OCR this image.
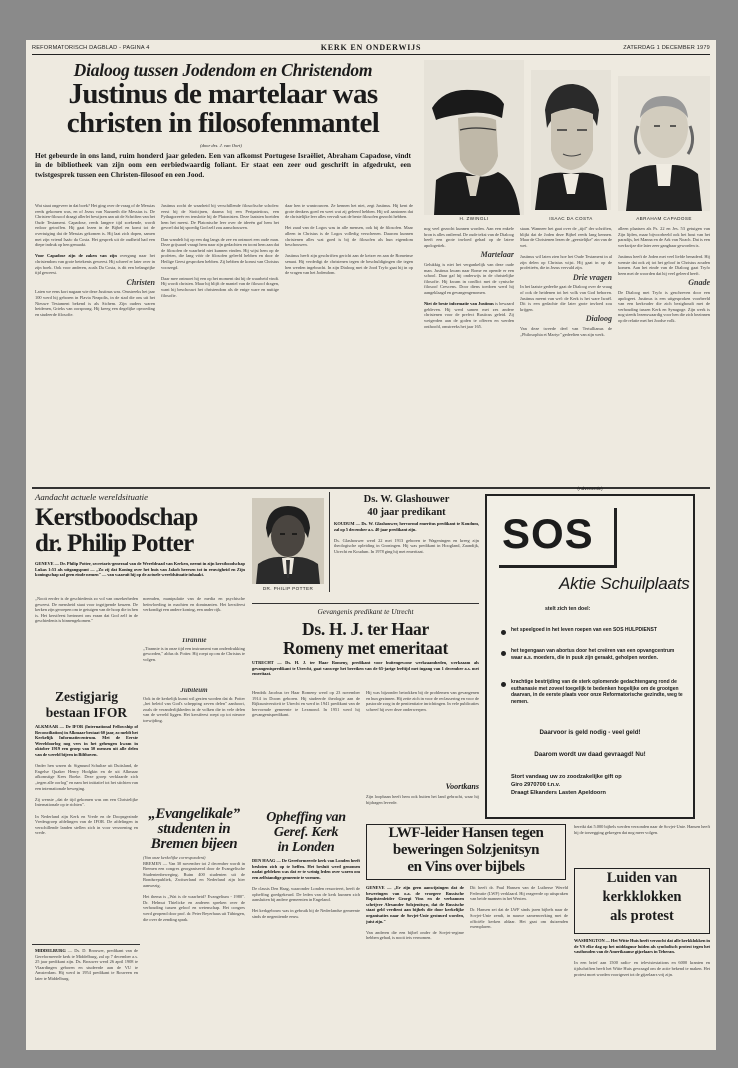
REFORMATORISCH DAGBLAD - PAGINA 4	KERK EN ONDERWIJS	ZATERDAG 1 DECEMBER 1979
Dialoog tussen Jodendom en Christendom
Justinus de martelaar was
christen in filosofenmantel
(door drs. J. van Oort)
Het gebeurde in ons land, ruim honderd jaar geleden. Een van afkomst Portugese Israëliet, Abraham Capadose, vindt in de bibliotheek van zijn oom een eerbiedwaardig foliant. Er staat een zeer oud geschrift in afgedrukt, een twistgesprek tussen een Christen-filosoof en een Jood.
Wat staat ongeveer in dat boek? Het ging over de vraag of de Messias reeds gekomen was, en of Jezus van Nazareth die Messias is. De Christen-filosoof draagt allerlei bewijzen aan uit de Schriften van het Oude Testament. Capadose, reeds langere tijd zoekende, wordt erdoor getroffen. Hij gaat lezen in de Bijbel en komt tot de overtuiging dat de Messias gekomen is. Hij laat zich dopen, samen met zijn vriend Isaäc da Costa. Het gesprek uit de oudheid had een diepe indruk op hen gemaakt.

Voor Capadose zijn de zaken van zijn overgang naar het christendom van grote betekenis geweest. Hij schreef er later over in zijn boek. Ook voor anderen, zoals Da Costa, is dit een belangrijke tijd geweest.
Christen
Laten we eens kort nagaan wie deze Justinus was. Omstreeks het jaar 100 werd hij geboren in Flavia Neapolis, in de stad die ons uit het Nieuwe Testament bekend is als Sichem. Zijn ouders waren heidenen, Grieks van oorsprong. Hij kreeg een degelijke opvoeding en studeerde filosofie.
Justinus zocht de waarheid bij verschillende filosofische scholen: eerst bij de Stoïcijnen, daarna bij een Peripateticus, een Pythagoreeër en tenslotte bij de Platonisten. Deze laatsten boeiden hem het meest. De Platonische leer over de ideeën gaf hem het gevoel dat hij spoedig God zelf zou aanschouwen.

Dan wandelt hij op een dag langs de zee en ontmoet een oude man. Deze grijsaard vraagt hem naar zijn gedachten en toont hem aan dat de filosofen de waarheid niet kunnen vinden. Hij wijst hem op de profeten, die lang vóór de filosofen geleefd hebben en door de Heilige Geest gesproken hebben. Zij hebben de komst van Christus voorzegd.

Daar mee ontmoet hij een op het moment dat hij de waarheid vindt. Hij wordt christen. Maar hij blijft de mantel van de filosoof dragen, want hij beschouwt het christendom als de enige ware en nuttige filosofie.
daar hen te wantrouwen. Ze kennen het niet, zegt Justinus. Hij kent de grote denkers goed en weet wat zij geleerd hebben. Hij wil aantonen dat de christelijke leer alles vervult wat de beste filosofen gezocht hebben.

Het zaad van de Logos was in alle mensen, ook bij de filosofen. Maar alleen in Christus is de Logos volledig verschenen. Daarom kunnen christenen alles wat goed is bij de filosofen als hun eigendom beschouwen.

Justinus heeft zijn geschriften gericht aan de keizer en aan de Romeinse senaat. Hij verdedigt de christenen tegen de beschuldigingen die tegen hen werden ingebracht. In zijn Dialoog met de Jood Tryfo gaat hij in op de vragen van het Jodendom.
H. ZWINGLI	ISAAC DA COSTA	ABRAHAM CAPADOSE
nog veel gezocht kunnen worden. Aan een enkele bron is alles ontleend. De oude tekst van de Dialoog heeft een grote invloed gehad op de latere apologetiek.
Martelaar
Gelukkig is niet het vergankelijk van deze oude man. Justinus kwam naar Rome en opende er een school. Daar gaf hij onderwijs in de christelijke filosofie. Hij kwam in conflict met de cynische filosoof Crescens. Door diens toedoen werd hij aangeklaagd en gevangengenomen.

Niet de beste informatie van Justinus is bewaard gebleven. Hij werd samen met zes andere christenen voor de prefect Rusticus geleid. Zij weigerden aan de goden te offeren en werden onthoofd, omstreeks het jaar 165.
staan. Wanneer het gaat over de „tijd" der schriften, blijkt dat de Joden deze Bijbel reeds lang kennen. Maar de Christenen lezen de „geestelijke" zin van de wet.

Justinus wil laten zien hoe het Oude Testament in al zijn delen op Christus wijst. Hij gaat in op de profetieën, die in Jezus vervuld zijn.
Drie vragen
In het laatste gedeelte gaat de Dialoog over de vraag of ook de heidenen tot het volk van God behoren. Justinus meent van wel: de Kerk is het ware Israël. Dit is een gedachte die later grote invloed zou krijgen.
Dialoog
Van deze tweede deel van Tertullianus de „Philosophia et Martyr" gedeelten van zijn werk.
alleen plaatsen als Ps. 22 en Jes. 53 getuigen van Zijn lijden, maar bijvoorbeeld ook het hout van het paradijs, het Manna en de Ark van Noach. Dat is een werkwijze die later zeer gangbaar geworden is.

Justinus heeft de Joden met veel liefde benaderd. Hij wenste dat ook zij tot het geloof in Christus zouden komen. Aan het einde van de Dialoog gaat Tryfo heen met de woorden dat hij veel geleerd heeft.
Gnade
De Dialoog met Tryfo is geschreven door een apologeet. Justinus is een uitgesproken voorbeeld van een kerkvader die zich bezighoudt met de verhouding tussen Kerk en Synagoge. Zijn werk is nog steeds lezenswaardig voor hen die zich bezinnen op de relatie met het Joodse volk.
Aandacht actuele wereldsituatie
Kerstboodschap
dr. Philip Potter
GENEVE — Dr. Philip Potter, secretaris-generaal van de Wereldraad van Kerken, neemt in zijn kerstboodschap Lukas 1:53 als uitgangspunt — „Zo zij dat Koning over het huis van Jakob heersen tot in eeuwigheid en Zijn koningschap zal geen einde nemen" — van waaruit hij op de actuele wereldsituatie inhaakt.
„Nooit eerder is de geschiedenis zo vol van onzekerheden geweest. De mensheid staat voor ingrijpende keuzen. De kerken zijn geroepen om te getuigen van de hoop die in hen is. Het kerstfeest herinnert ons eraan dat God zelf in de geschiedenis is binnengekomen."
noemden, manipulatie van de media en psychische beïnvloeding in machten en dominanten. Het kerstfeest verkondigt een andere koning, een ander rijk.
DR. PHILIP POTTER
Tirannie
„Tirannie is in onze tijd een instrument van onderdrukking geworden," aldus dr. Potter. Hij roept op om de Christus te volgen.
Zestigjarig
bestaan IFOR
ALKMAAR — De IFOR (International Fellowship of Reconciliation) in Alkmaar bestaat 60 jaar, zo meldt het Kerkelijk Informatiecentrum. Met de Eerste Wereldoorlog nog vers in het geheugen kwam in oktober 1919 een groep van 50 mensen uit alle delen van de wereld bijeen in Bilthoven.

Onder hen waren dr. Sigmund Schultze uit Duitsland, de Engelse Quaker Henry Hodgkin en de uit Alkmaar afkomstige Kees Boeke. Deze groep verklaarde zich „tegen alle oorlog" en nam het initiatief tot het stichten van een internationale beweging.

Zij wenste „dat de tijd gekomen was om een Christelijke Internationale op te richten".

In Nederland zijn Kerk en Vrede en de Doopsgezinde Vredesgroep afdelingen van de IFOR. De afdelingen in verschillende landen stellen zich in voor verzoening en vrede.
MIDDELBURG — Ds. D. Brouwer, predikant van de Gereformeerde kerk te Middelburg, zal op 7 december a.s. 25 jaar predikant zijn. Ds. Brouwer werd 26 april 1908 te Vlaardingen geboren en studeerde aan de VU te Amsterdam. Hij werd in 1954 predikant te Rouveen en later te Middelburg.
Jubileum
Ook in de kerkelijk kunst wil gezien worden dat dr. Potter „het beleid van God's schepping zeven delen" aanhoort, zoals de veranderlijkheden in de volken die in vele delen van de wereld liggen. Het kerstfeest roept op tot nieuwe toewijding.
„Evangelikale”
studenten in
Bremen bijeen
(Van onze kerkelijke correspondent)
BREMEN — Van 30 november tot 2 december wordt in Bremen een congres georganiseerd door de Evangelische Studentenbeweging. Ruim 400 studenten uit de Bondsrepubliek, Zwitserland en Nederland zijn hier aanwezig.

Het thema is „Wat is de waarheid? Evangelium - 1980". Dr. Helmut Thielicke en anderen spreken over de verhouding tussen geloof en wetenschap. Het congres werd geopend door prof. dr. Peter Beyerhaus uit Tübingen, die over de zending sprak.
Ds. W. Glashouwer
40 jaar predikant
KOUDUM — Ds. W. Glashouwer, hervormd emeritus predikant te Koudum, zal op 5 december a.s. 40 jaar predikant zijn.

Ds. Glashouwer werd 22 mei 1913 geboren te Wageningen en kreeg zijn theologische opleiding in Groningen. Hij was predikant in Hoogland, Zaandijk, Utrecht en Koudum. In 1978 ging hij met emeritaat.
Gevangenis predikant te Utrecht
Ds. H. J. ter Haar
Romeny met emeritaat
UTRECHT — Ds. H. J. ter Haar Romeny, predikant voor buitengewone werkzaamheden, werkzaam als gevangenispredikant te Utrecht, gaat vanwege het bereiken van de 65-jarige leeftijd met ingang van 1 december a.s. met emeritaat.
Hendrik Jacobus ter Haar Romeny werd op 23 november 1914 in Doorn geboren. Hij studeerde theologie aan de Rijksuniversiteit te Utrecht en werd in 1941 predikant van de hervormde gemeente te Lexmond. In 1951 werd hij gevangenispredikant.
Hij was bijzonder betrokken bij de problemen van gevangenen en hun gezinnen. Hij zette zich in voor de reclassering en voor de pastorale zorg in de penitentiaire inrichtingen. In vele publicaties schreef hij over deze onderwerpen.
Voortkans
Zijn loopbaan heeft hem ook buiten het land gebracht, waar hij bijdragen leverde.
Opheffing van
Geref. Kerk
in Londen
DEN HAAG — De Gereformeerde kerk van Londen heeft besloten zich op te heffen. Het besluit werd genomen nadat gebleken was dat er te weinig leden over waren om een zelfstandige gemeente te vormen.

De classis Den Haag, waaronder Londen ressorteert, heeft de opheffing goedgekeurd. De leden van de kerk kunnen zich aansluiten bij andere gemeenten in Engeland.

Het kerkgebouw was in gebruik bij de Nederlandse gemeente sinds de negentiende eeuw.
(Advertentie)
SOS
Aktie Schuilplaats
stelt zich ten doel:
het speelgoed in het leven roepen van een SOS HULPDIENST
het tegengaan van abortus door het creëren van een opvangcentrum waar a.s. moeders, die in puuk zijn geraakt, geholpen worden.
krachtige bestrijding van de sterk oplomende gedachtengang rond de euthanasie met zoveel toegelijk te bedenken hogelijke om de grootgen daarvan, in de eerste plaats voor onze Reformatorische gezindte, weg te nemen.
Daarvoor is geld nodig - veel geld!
Daarom wordt uw daad gevraagd! Nu!
Stort vandaag uw zo zoodzakelijke gift op
Giro 2970700 t.n.v.
Draagt Elkanders Lasten Apeldoorn
LWF-leider Hansen tegen
beweringen Solzjenitsyn
en Vins over bijbels
GENEVE — „Er zijn geen aanwijzingen dat de beweringen van o.a. de vroegere Russische Baptistenleider Georgi Vins en de verbannen schrijver Alexander Solzjenitsyn, dat de Russische staat geld verdient aan bijbels die door kerkelijke organisaties naar de Sovjet-Unie gestuurd worden, juist zijn."

Van anderen die een bijbel onder de Sovjet-regime hebben gehad, is nooit iets vernomen.
Dit heeft dr. Paul Hansen van de Lutherse Wereld Federatie (LWF) verklaard. Hij reageerde op uitspraken van beide mannen in het Westen.

Dr. Hansen zei dat de LWF sinds jaren bijbels naar de Sovjet-Unie zendt, in nauwe samenwerking met de officiële kerken aldaar. Het gaat om duizenden exemplaren.
bereikt dat 5.000 bijbels werden verzonden naar de Sovjet-Unie. Hansen heeft hij de toezegging gekregen dat nog meer volgen.
Luiden van
kerkklokken
als protest
WASHINGTON — Het Witte Huis heeft verzocht dat alle kerkklokken in de VS elke dag op het middaguur luiden als symbolisch protest tegen het vasthouden van de Amerikaanse gijzelaars in Teheran.

In een brief aan 1500 radio- en televisiestations en 6000 kranten en tijdschriften heeft het Witte Huis gevraagd om de actie bekend te maken. Het protest moet worden voortgezet tot de gijzelaars vrij zijn.
